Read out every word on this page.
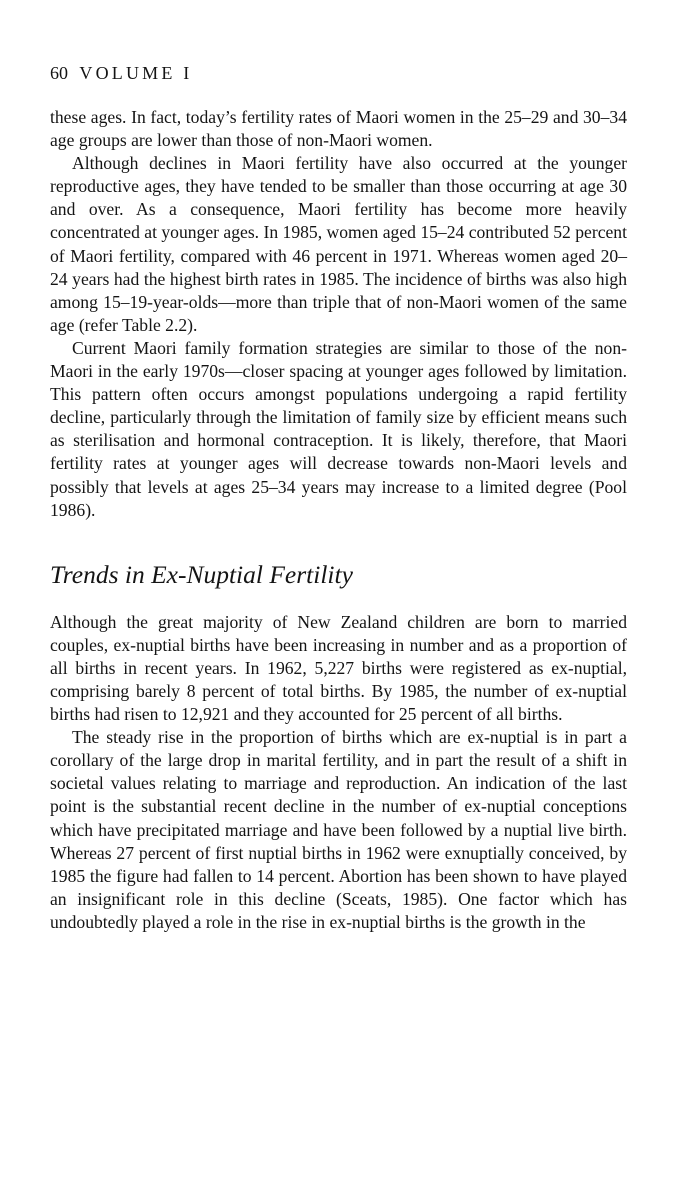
60 VOLUME I

these ages. In fact, today’s fertility rates of Maori women in the 25–29 and 30–34 age groups are lower than those of non-Maori women.

Although declines in Maori fertility have also occurred at the younger reproductive ages, they have tended to be smaller than those occurring at age 30 and over. As a consequence, Maori fertility has become more heavily concentrated at younger ages. In 1985, women aged 15–24 contributed 52 percent of Maori fertility, compared with 46 percent in 1971. Whereas women aged 20–24 years had the highest birth rates in 1985. The incidence of births was also high among 15–19-year-olds—more than triple that of non-Maori women of the same age (refer Table 2.2).

Current Maori family formation strategies are similar to those of the non-Maori in the early 1970s—closer spacing at younger ages followed by limitation. This pattern often occurs amongst populations undergoing a rapid fertility decline, particularly through the limitation of family size by efficient means such as sterilisation and hormonal contraception. It is likely, therefore, that Maori fertility rates at younger ages will decrease towards non-Maori levels and possibly that levels at ages 25–34 years may increase to a limited degree (Pool 1986).

Trends in Ex-Nuptial Fertility

Although the great majority of New Zealand children are born to married couples, ex-nuptial births have been increasing in number and as a proportion of all births in recent years. In 1962, 5,227 births were registered as ex-nuptial, comprising barely 8 percent of total births. By 1985, the number of ex-nuptial births had risen to 12,921 and they accounted for 25 percent of all births.

The steady rise in the proportion of births which are ex-nuptial is in part a corollary of the large drop in marital fertility, and in part the result of a shift in societal values relating to marriage and reproduction. An indication of the last point is the substantial recent decline in the number of ex-nuptial conceptions which have precipitated marriage and have been followed by a nuptial live birth. Whereas 27 percent of first nuptial births in 1962 were exnuptially conceived, by 1985 the figure had fallen to 14 percent. Abortion has been shown to have played an insignificant role in this decline (Sceats, 1985). One factor which has undoubtedly played a role in the rise in ex-nuptial births is the growth in the
